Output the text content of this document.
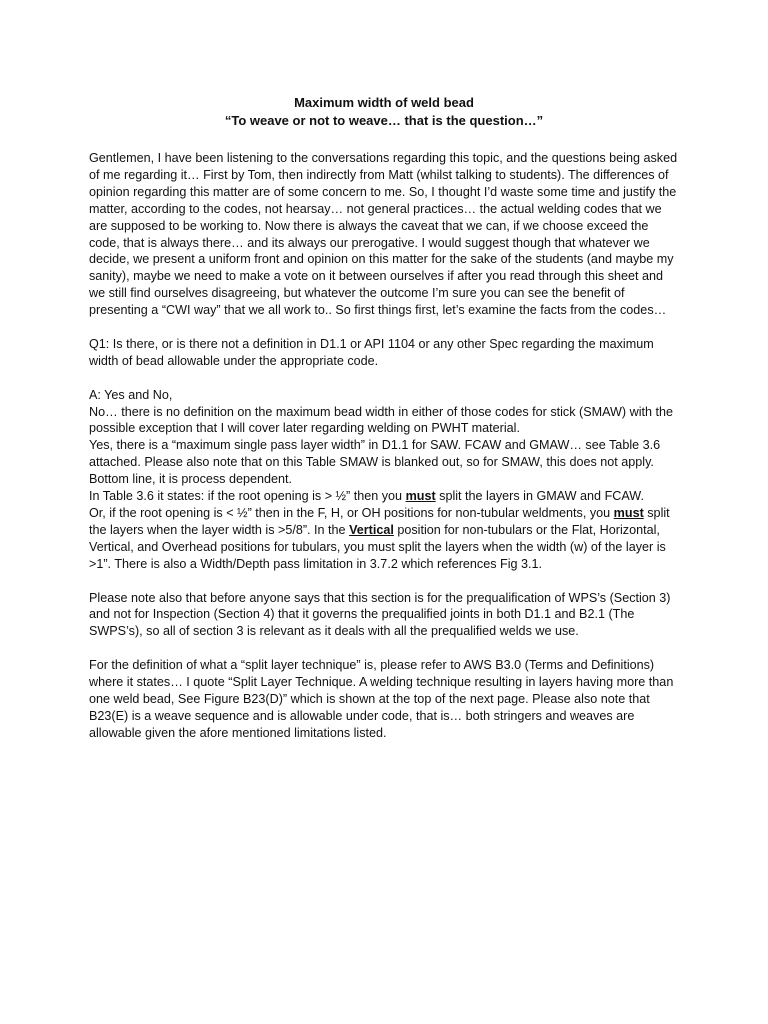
Maximum width of weld bead
“To weave or not to weave… that is the question…”

Gentlemen, I have been listening to the conversations regarding this topic, and the questions being asked of me regarding it… First by Tom, then indirectly from Matt (whilst talking to students). The differences of opinion regarding this matter are of some concern to me. So, I thought I’d waste some time and justify the matter, according to the codes, not hearsay… not general practices… the actual welding codes that we are supposed to be working to. Now there is always the caveat that we can, if we choose exceed the code, that is always there… and its always our prerogative. I would suggest though that whatever we decide, we present a uniform front and opinion on this matter for the sake of the students (and maybe my sanity), maybe we need to make a vote on it between ourselves if after you read through this sheet and we still find ourselves disagreeing, but whatever the outcome I’m sure you can see the benefit of presenting a “CWI way” that we all work to.. So first things first, let’s examine the facts from the codes…

Q1: Is there, or is there not a definition in D1.1 or API 1104 or any other Spec regarding the maximum width of bead allowable under the appropriate code.

A: Yes and No,

No… there is no definition on the maximum bead width in either of those codes for stick (SMAW) with the possible exception that I will cover later regarding welding on PWHT material.

Yes, there is a “maximum single pass layer width” in D1.1 for SAW. FCAW and GMAW… see Table 3.6 attached. Please also note that on this Table SMAW is blanked out, so for SMAW, this does not apply. Bottom line, it is process dependent.

In Table 3.6 it states: if the root opening is > ½” then you must split the layers in GMAW and FCAW.

Or, if the root opening is < ½” then in the F, H, or OH positions for non-tubular weldments, you must split the layers when the layer width is >5/8”. In the Vertical position for non-tubulars or the Flat, Horizontal, Vertical, and Overhead positions for tubulars, you must split the layers when the width (w) of the layer is >1”. There is also a Width/Depth pass limitation in 3.7.2 which references Fig 3.1.

Please note also that before anyone says that this section is for the prequalification of WPS’s (Section 3) and not for Inspection (Section 4) that it governs the prequalified joints in both D1.1 and B2.1 (The SWPS’s), so all of section 3 is relevant as it deals with all the prequalified welds we use.

For the definition of what a “split layer technique” is, please refer to AWS B3.0 (Terms and Definitions) where it states… I quote “Split Layer Technique. A welding technique resulting in layers having more than one weld bead, See Figure B23(D)” which is shown at the top of the next page. Please also note that B23(E) is a weave sequence and is allowable under code, that is… both stringers and weaves are allowable given the afore mentioned limitations listed.
